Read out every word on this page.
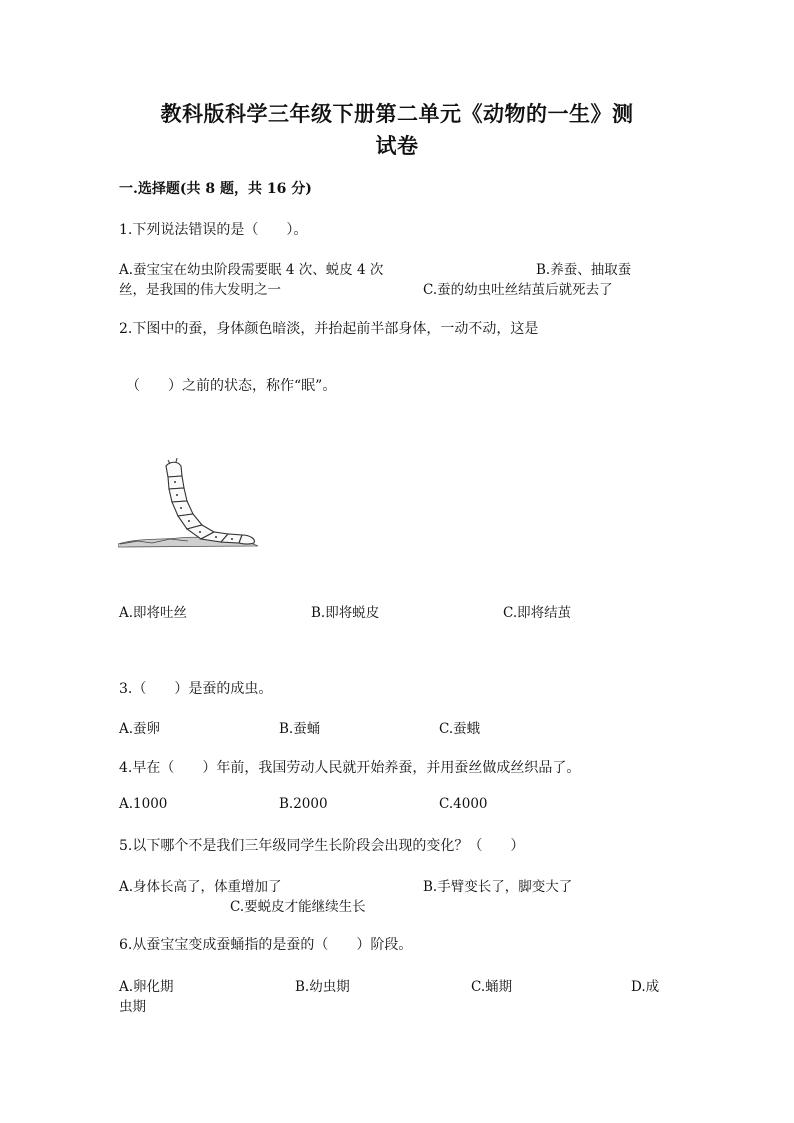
教科版科学三年级下册第二单元《动物的一生》测
试卷
一.选择题(共 8 题，共 16 分)
1.下列说法错误的是（　　）。
A.蚕宝宝在幼虫阶段需要眠 4 次、蜕皮 4 次	B.养蚕、抽取蚕
丝，是我国的伟大发明之一	C.蚕的幼虫吐丝结茧后就死去了
2.下图中的蚕，身体颜色暗淡，并抬起前半部身体，一动不动，这是
（　　）之前的状态，称作“眠”。
A.即将吐丝	B.即将蜕皮	C.即将结茧
3.（　　）是蚕的成虫。
A.蚕卵	B.蚕蛹	C.蚕蛾
4.早在（　　）年前，我国劳动人民就开始养蚕，并用蚕丝做成丝织品了。
A.1000	B.2000	C.4000
5.以下哪个不是我们三年级同学生长阶段会出现的变化？（　　）
A.身体长高了，体重增加了	B.手臂变长了，脚变大了
C.要蜕皮才能继续生长
6.从蚕宝宝变成蚕蛹指的是蚕的（　　）阶段。
A.卵化期	B.幼虫期	C.蛹期	D.成
虫期
